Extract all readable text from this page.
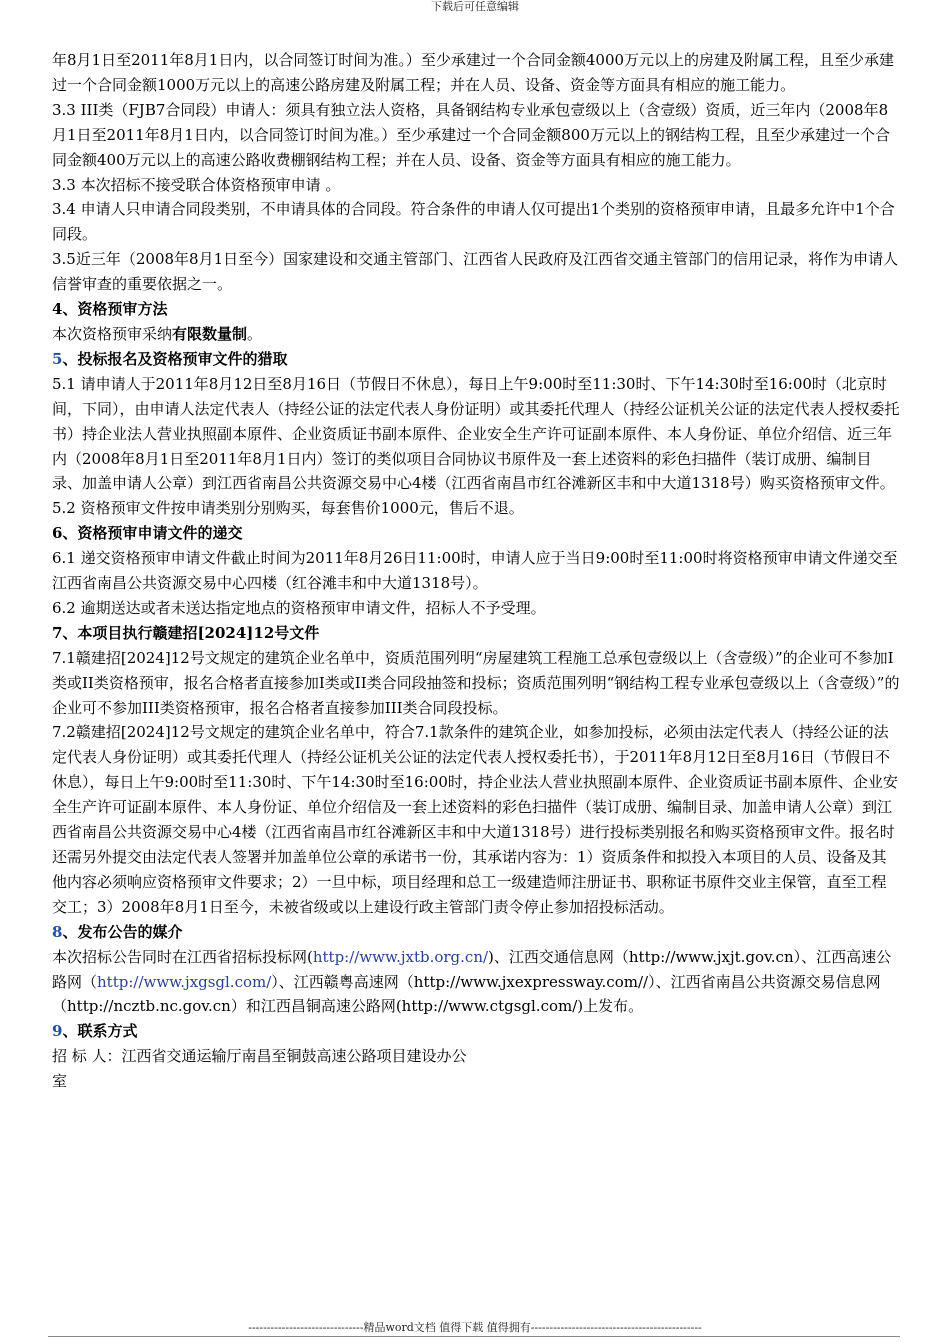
下载后可任意编辑

年8月1日至2011年8月1日内，以合同签订时间为准。）至少承建过一个合同金额4000万元以上的房建及附属工程，且至少承建过一个合同金额1000万元以上的高速公路房建及附属工程；并在人员、设备、资金等方面具有相应的施工能力。

3.3 III类（FJB7合同段）申请人：须具有独立法人资格，具备钢结构专业承包壹级以上（含壹级）资质，近三年内（2008年8月1日至2011年8月1日内，以合同签订时间为准。）至少承建过一个合同金额800万元以上的钢结构工程，且至少承建过一个合同金额400万元以上的高速公路收费棚钢结构工程；并在人员、设备、资金等方面具有相应的施工能力。

3.3 本次招标不接受联合体资格预审申请 。

3.4 申请人只申请合同段类别，不申请具体的合同段。符合条件的申请人仅可提出1个类别的资格预审申请，且最多允许中1个合同段。

3.5近三年（2008年8月1日至今）国家建设和交通主管部门、江西省人民政府及江西省交通主管部门的信用记录，将作为申请人信誉审查的重要依据之一。

4、资格预审方法

本次资格预审采纳有限数量制。

5、投标报名及资格预审文件的猎取

5.1 请申请人于2011年8月12日至8月16日（节假日不休息），每日上午9:00时至11:30时、下午14:30时至16:00时（北京时间，下同），由申请人法定代表人（持经公证的法定代表人身份证明）或其委托代理人（持经公证机关公证的法定代表人授权委托书）持企业法人营业执照副本原件、企业资质证书副本原件、企业安全生产许可证副本原件、本人身份证、单位介绍信、近三年内（2008年8月1日至2011年8月1日内）签订的类似项目合同协议书原件及一套上述资料的彩色扫描件（装订成册、编制目录、加盖申请人公章）到江西省南昌公共资源交易中心4楼（江西省南昌市红谷滩新区丰和中大道1318号）购买资格预审文件。

5.2 资格预审文件按申请类别分别购买，每套售价1000元，售后不退。

6、资格预审申请文件的递交

6.1 递交资格预审申请文件截止时间为2011年8月26日11:00时，申请人应于当日9:00时至11:00时将资格预审申请文件递交至江西省南昌公共资源交易中心四楼（红谷滩丰和中大道1318号）。

6.2 逾期送达或者未送达指定地点的资格预审申请文件，招标人不予受理。

7、本项目执行赣建招[2024]12号文件

7.1赣建招[2024]12号文规定的建筑企业名单中，资质范围列明“房屋建筑工程施工总承包壹级以上（含壹级）”的企业可不参加I类或II类资格预审，报名合格者直接参加I类或II类合同段抽签和投标；资质范围列明“钢结构工程专业承包壹级以上（含壹级）”的企业可不参加III类资格预审，报名合格者直接参加III类合同段投标。

7.2赣建招[2024]12号文规定的建筑企业名单中，符合7.1款条件的建筑企业，如参加投标，必须由法定代表人（持经公证的法定代表人身份证明）或其委托代理人（持经公证机关公证的法定代表人授权委托书），于2011年8月12日至8月16日（节假日不休息），每日上午9:00时至11:30时、下午14:30时至16:00时，持企业法人营业执照副本原件、企业资质证书副本原件、企业安全生产许可证副本原件、本人身份证、单位介绍信及一套上述资料的彩色扫描件（装订成册、编制目录、加盖申请人公章）到江西省南昌公共资源交易中心4楼（江西省南昌市红谷滩新区丰和中大道1318号）进行投标类别报名和购买资格预审文件。报名时还需另外提交由法定代表人签署并加盖单位公章的承诺书一份，其承诺内容为：1）资质条件和拟投入本项目的人员、设备及其他内容必须响应资格预审文件要求；2）一旦中标，项目经理和总工一级建造师注册证书、职称证书原件交业主保管，直至工程交工；3）2008年8月1日至今，未被省级或以上建设行政主管部门责令停止参加招投标活动。

8、发布公告的媒介

本次招标公告同时在江西省招标投标网(http://www.jxtb.org.cn/)、江西交通信息网（http://www.jxjt.gov.cn）、江西高速公路网（http://www.jxgsgl.com/）、江西赣粤高速网（http://www.jxexpressway.com//）、江西省南昌公共资源交易信息网（http://ncztb.nc.gov.cn）和江西昌铜高速公路网(http://www.ctgsgl.com/)上发布。

9、联系方式

招 标 人：江西省交通运输厅南昌至铜鼓高速公路项目建设办公

室

-------------------------------精品word文档 值得下载 值得拥有----------------------------------------------
